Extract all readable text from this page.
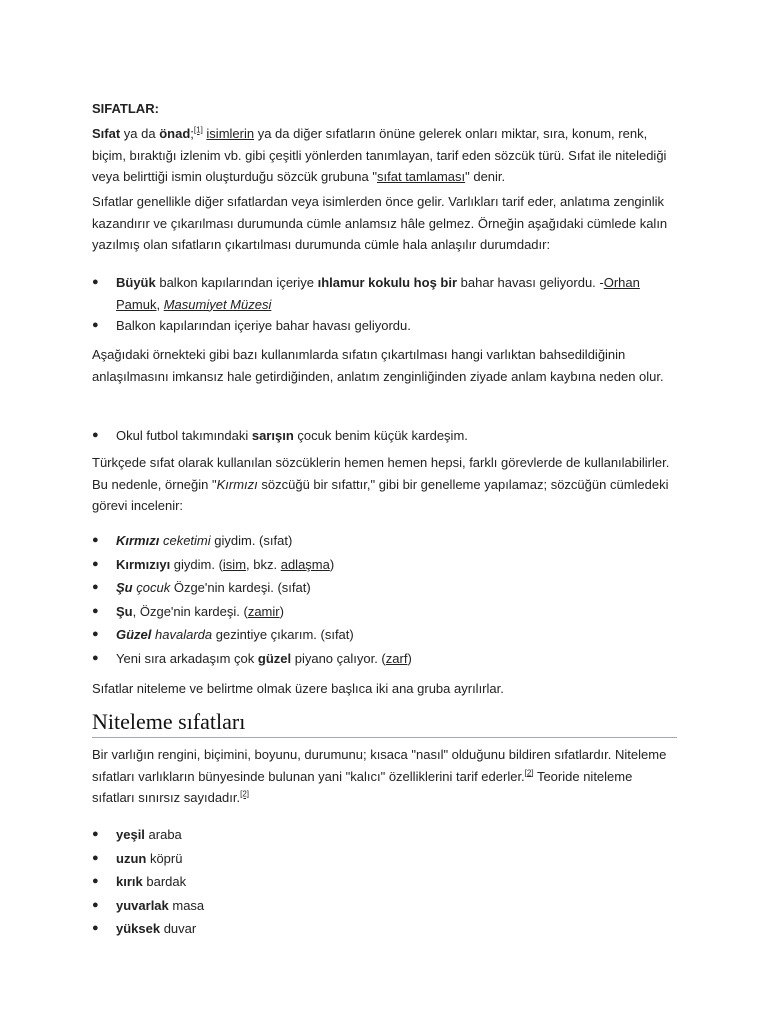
SIFATLAR:
Sıfat ya da önad;[1] isimlerin ya da diğer sıfatların önüne gelerek onları miktar, sıra, konum, renk, biçim, bıraktığı izlenim vb. gibi çeşitli yönlerden tanımlayan, tarif eden sözcük türü. Sıfat ile nitelediği veya belirttiği ismin oluşturduğu sözcük grubuna "sıfat tamlaması" denir.
Sıfatlar genellikle diğer sıfatlardan veya isimlerden önce gelir. Varlıkları tarif eder, anlatıma zenginlik kazandırır ve çıkarılması durumunda cümle anlamsız hâle gelmez. Örneğin aşağıdaki cümlede kalın yazılmış olan sıfatların çıkartılması durumunda cümle hala anlaşılır durumdadır:
● Büyük balkon kapılarından içeriye ıhlamur kokulu hoş bir bahar havası geliyordu. -Orhan Pamuk, Masumiyet Müzesi
● Balkon kapılarından içeriye bahar havası geliyordu.
Aşağıdaki örnekteki gibi bazı kullanımlarda sıfatın çıkartılması hangi varlıktan bahsedildiğinin anlaşılmasını imkansız hale getirdiğinden, anlatım zenginliğinden ziyade anlam kaybına neden olur.
● Okul futbol takımındaki sarışın çocuk benim küçük kardeşim.
Türkçede sıfat olarak kullanılan sözcüklerin hemen hemen hepsi, farklı görevlerde de kullanılabilirler. Bu nedenle, örneğin "Kırmızı sözcüğü bir sıfattır," gibi bir genelleme yapılamaz; sözcüğün cümledeki görevi incelenir:
● Kırmızı ceketimi giydim. (sıfat)
● Kırmızıyı giydim. (isim, bkz. adlaşma)
● Şu çocuk Özge'nin kardeşi. (sıfat)
● Şu, Özge'nin kardeşi. (zamir)
● Güzel havalarda gezintiye çıkarım. (sıfat)
● Yeni sıra arkadaşım çok güzel piyano çalıyor. (zarf)
Sıfatlar niteleme ve belirtme olmak üzere başlıca iki ana gruba ayrılırlar.
Niteleme sıfatları
Bir varlığın rengini, biçimini, boyunu, durumunu; kısaca "nasıl" olduğunu bildiren sıfatlardır. Niteleme sıfatları varlıkların bünyesinde bulunan yani "kalıcı" özelliklerini tarif ederler.[2] Teoride niteleme sıfatları sınırsız sayıdadır.[2]
● yeşil araba
● uzun köprü
● kırık bardak
● yuvarlak masa
● yüksek duvar
